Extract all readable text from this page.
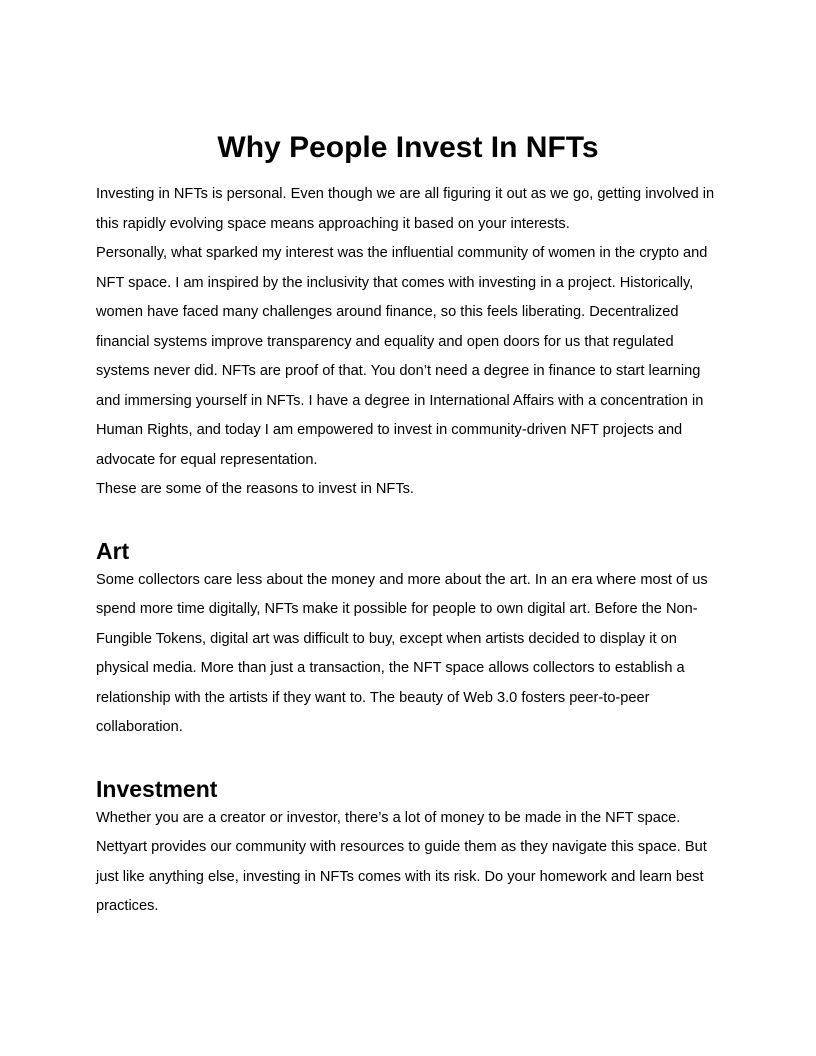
Why People Invest In NFTs

Investing in NFTs is personal. Even though we are all figuring it out as we go, getting involved in this rapidly evolving space means approaching it based on your interests.

Personally, what sparked my interest was the influential community of women in the crypto and NFT space. I am inspired by the inclusivity that comes with investing in a project. Historically, women have faced many challenges around finance, so this feels liberating. Decentralized financial systems improve transparency and equality and open doors for us that regulated systems never did. NFTs are proof of that. You don’t need a degree in finance to start learning and immersing yourself in NFTs. I have a degree in International Affairs with a concentration in Human Rights, and today I am empowered to invest in community-driven NFT projects and advocate for equal representation.

These are some of the reasons to invest in NFTs.

Art

Some collectors care less about the money and more about the art. In an era where most of us spend more time digitally, NFTs make it possible for people to own digital art. Before the Non-Fungible Tokens, digital art was difficult to buy, except when artists decided to display it on physical media. More than just a transaction, the NFT space allows collectors to establish a relationship with the artists if they want to. The beauty of Web 3.0 fosters peer-to-peer collaboration.

Investment

Whether you are a creator or investor, there’s a lot of money to be made in the NFT space. Nettyart provides our community with resources to guide them as they navigate this space. But just like anything else, investing in NFTs comes with its risk. Do your homework and learn best practices.
